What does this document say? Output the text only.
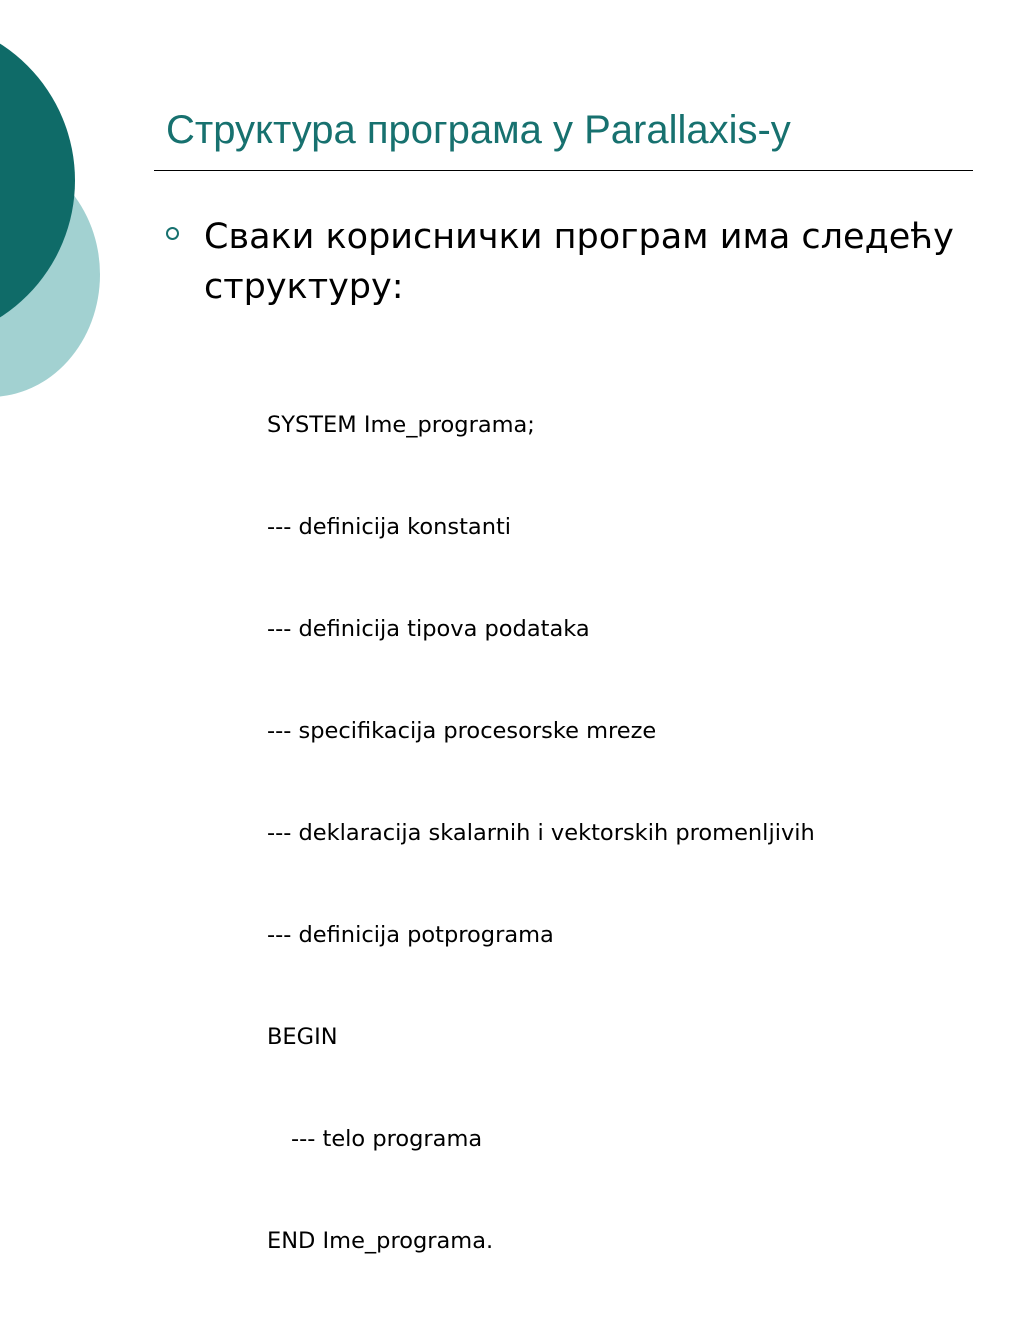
Структура програма у Parallaxis-у

Сваки кориснички програм има следећу структуру:

SYSTEM Ime_programa;

--- definicija konstanti

--- definicija tipova podataka

--- specifikacija procesorske mreze

--- deklaracija skalarnih i vektorskih promenljivih

--- definicija potprograma

BEGIN

--- telo programa

END Ime_programa.
